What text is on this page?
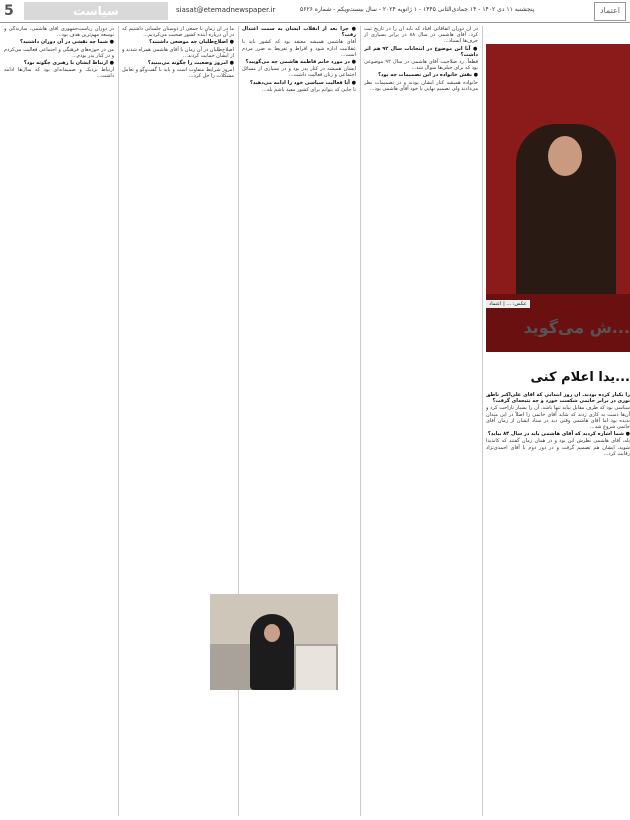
5	سیاست	siasat@etemadnewspaper.ir	پنجشنبه ۱۱ دی ۱۴۰۲ - ۱۴ جمادی‌الثانی ۱۴۴۵ - ۱ ژانویه ۲۰۲۴ - سال بیست‌ویکم - شماره ۵۶۲۶	اعتماد
عکس: ... | اعتماد
...ش می‌گوید
...یدا اعلام کنی

را یکبار کرده بودند. آن روز ابتدایی که آقای علی‌اکبر ناطق نوری در برابر خاتمی شکست خورد و چه نتیجه‌ای گرفت؟

سیاسی بود که طرف مقابل نباید تنها باشد. آن را بسیار ناراحت کرد و آن‌ها دست به کاری زدند که شاید آقای خاتمی را اصلاً در این میدان ندیده بود اما آقای هاشمی وقتی دید در ستاد ایشان از زمان آقای خاتمی شروع شد...

● شما اشاره کردید که آقای هاشمی باید در سال ۸۴ بیاید؟

بله، آقای هاشمی نظرش این بود و در همان زمان گفتند که کاندیدا شوید، ایشان هم تصمیم گرفت و در دور دوم با آقای احمدی‌نژاد رقابت کرد...

در آن دوران اتفاقاتی افتاد که باید آن را در تاریخ ثبت کرد. آقای هاشمی در سال ۸۸ در برابر بسیاری از حرف‌ها ایستاد...

● آیا این موضوع در انتخابات سال ۹۲ هم اثر داشت؟

قطعاً. رد صلاحیت آقای هاشمی در سال ۹۲ موضوعی بود که برای خیلی‌ها سوال شد...

● نقش خانواده در این تصمیمات چه بود؟

خانواده همیشه کنار ایشان بودند و در تصمیمات نظر می‌دادند ولی تصمیم نهایی با خود آقای هاشمی بود...

● چرا بعد از انقلاب ایشان به سمت اعتدال رفت؟

آقای هاشمی همیشه معتقد بود که کشور باید با عقلانیت اداره شود و افراط و تفریط به ضرر مردم است...

● در مورد خانم فاطمه هاشمی چه می‌گویید؟

ایشان همیشه در کنار پدر بود و در بسیاری از مسائل اجتماعی و زنان فعالیت داشت...

● آیا فعالیت سیاسی خود را ادامه می‌دهید؟

تا جایی که بتوانم برای کشور مفید باشم بله...

ما در آن زمان با جمعی از دوستان جلساتی داشتیم که در آن درباره آینده کشور صحبت می‌کردیم...

● اصلاح‌طلبان چه موضعی داشتند؟

اصلاح‌طلبان در آن زمان با آقای هاشمی همراه شدند و از ایشان حمایت کردند...

● امروز وضعیت را چگونه می‌بینید؟

امروز شرایط متفاوت است و باید با گفت‌وگو و تعامل مشکلات را حل کرد...

در دوران ریاست‌جمهوری آقای هاشمی، سازندگی و توسعه مهم‌ترین هدف بود...

● شما چه نقشی در آن دوران داشتید؟

من در حوزه‌های فرهنگی و اجتماعی فعالیت می‌کردم و در کنار پدر بودم...

● ارتباط ایشان با رهبری چگونه بود؟

ارتباط نزدیک و صمیمانه‌ای بود که سال‌ها ادامه داشت...
